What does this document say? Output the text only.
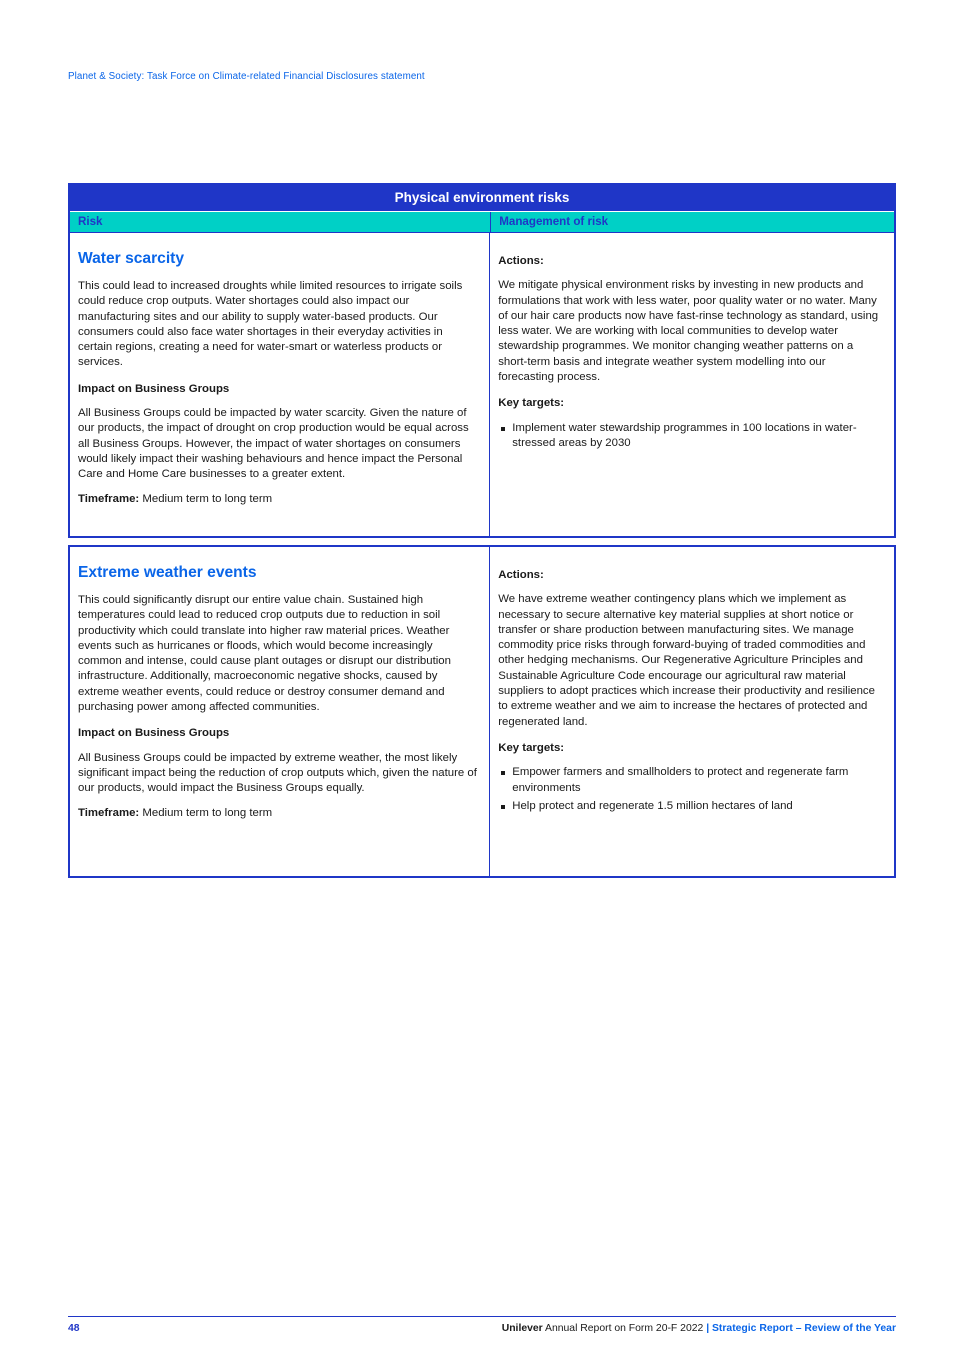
Planet & Society: Task Force on Climate-related Financial Disclosures statement
Physical environment risks
Risk	Management of risk
Water scarcity

This could lead to increased droughts while limited resources to irrigate soils could reduce crop outputs. Water shortages could also impact our manufacturing sites and our ability to supply water-based products. Our consumers could also face water shortages in their everyday activities in certain regions, creating a need for water-smart or waterless products or services.

Impact on Business Groups

All Business Groups could be impacted by water scarcity. Given the nature of our products, the impact of drought on crop production would be equal across all Business Groups. However, the impact of water shortages on consumers would likely impact their washing behaviours and hence impact the Personal Care and Home Care businesses to a greater extent.

Timeframe: Medium term to long term

Actions:

We mitigate physical environment risks by investing in new products and formulations that work with less water, poor quality water or no water. Many of our hair care products now have fast-rinse technology as standard, using less water. We are working with local communities to develop water stewardship programmes. We monitor changing weather patterns on a short-term basis and integrate weather system modelling into our forecasting process.

Key targets:
Implement water stewardship programmes in 100 locations in water-stressed areas by 2030
Extreme weather events

This could significantly disrupt our entire value chain. Sustained high temperatures could lead to reduced crop outputs due to reduction in soil productivity which could translate into higher raw material prices. Weather events such as hurricanes or floods, which would become increasingly common and intense, could cause plant outages or disrupt our distribution infrastructure. Additionally, macroeconomic negative shocks, caused by extreme weather events, could reduce or destroy consumer demand and purchasing power among affected communities.

Impact on Business Groups

All Business Groups could be impacted by extreme weather, the most likely significant impact being the reduction of crop outputs which, given the nature of our products, would impact the Business Groups equally.

Timeframe: Medium term to long term

Actions:

We have extreme weather contingency plans which we implement as necessary to secure alternative key material supplies at short notice or transfer or share production between manufacturing sites. We manage commodity price risks through forward-buying of traded commodities and other hedging mechanisms. Our Regenerative Agriculture Principles and Sustainable Agriculture Code encourage our agricultural raw material suppliers to adopt practices which increase their productivity and resilience to extreme weather and we aim to increase the hectares of protected and regenerated land.

Key targets:
Empower farmers and smallholders to protect and regenerate farm environments
Help protect and regenerate 1.5 million hectares of land
48	Unilever Annual Report on Form 20-F 2022 | Strategic Report – Review of the Year
